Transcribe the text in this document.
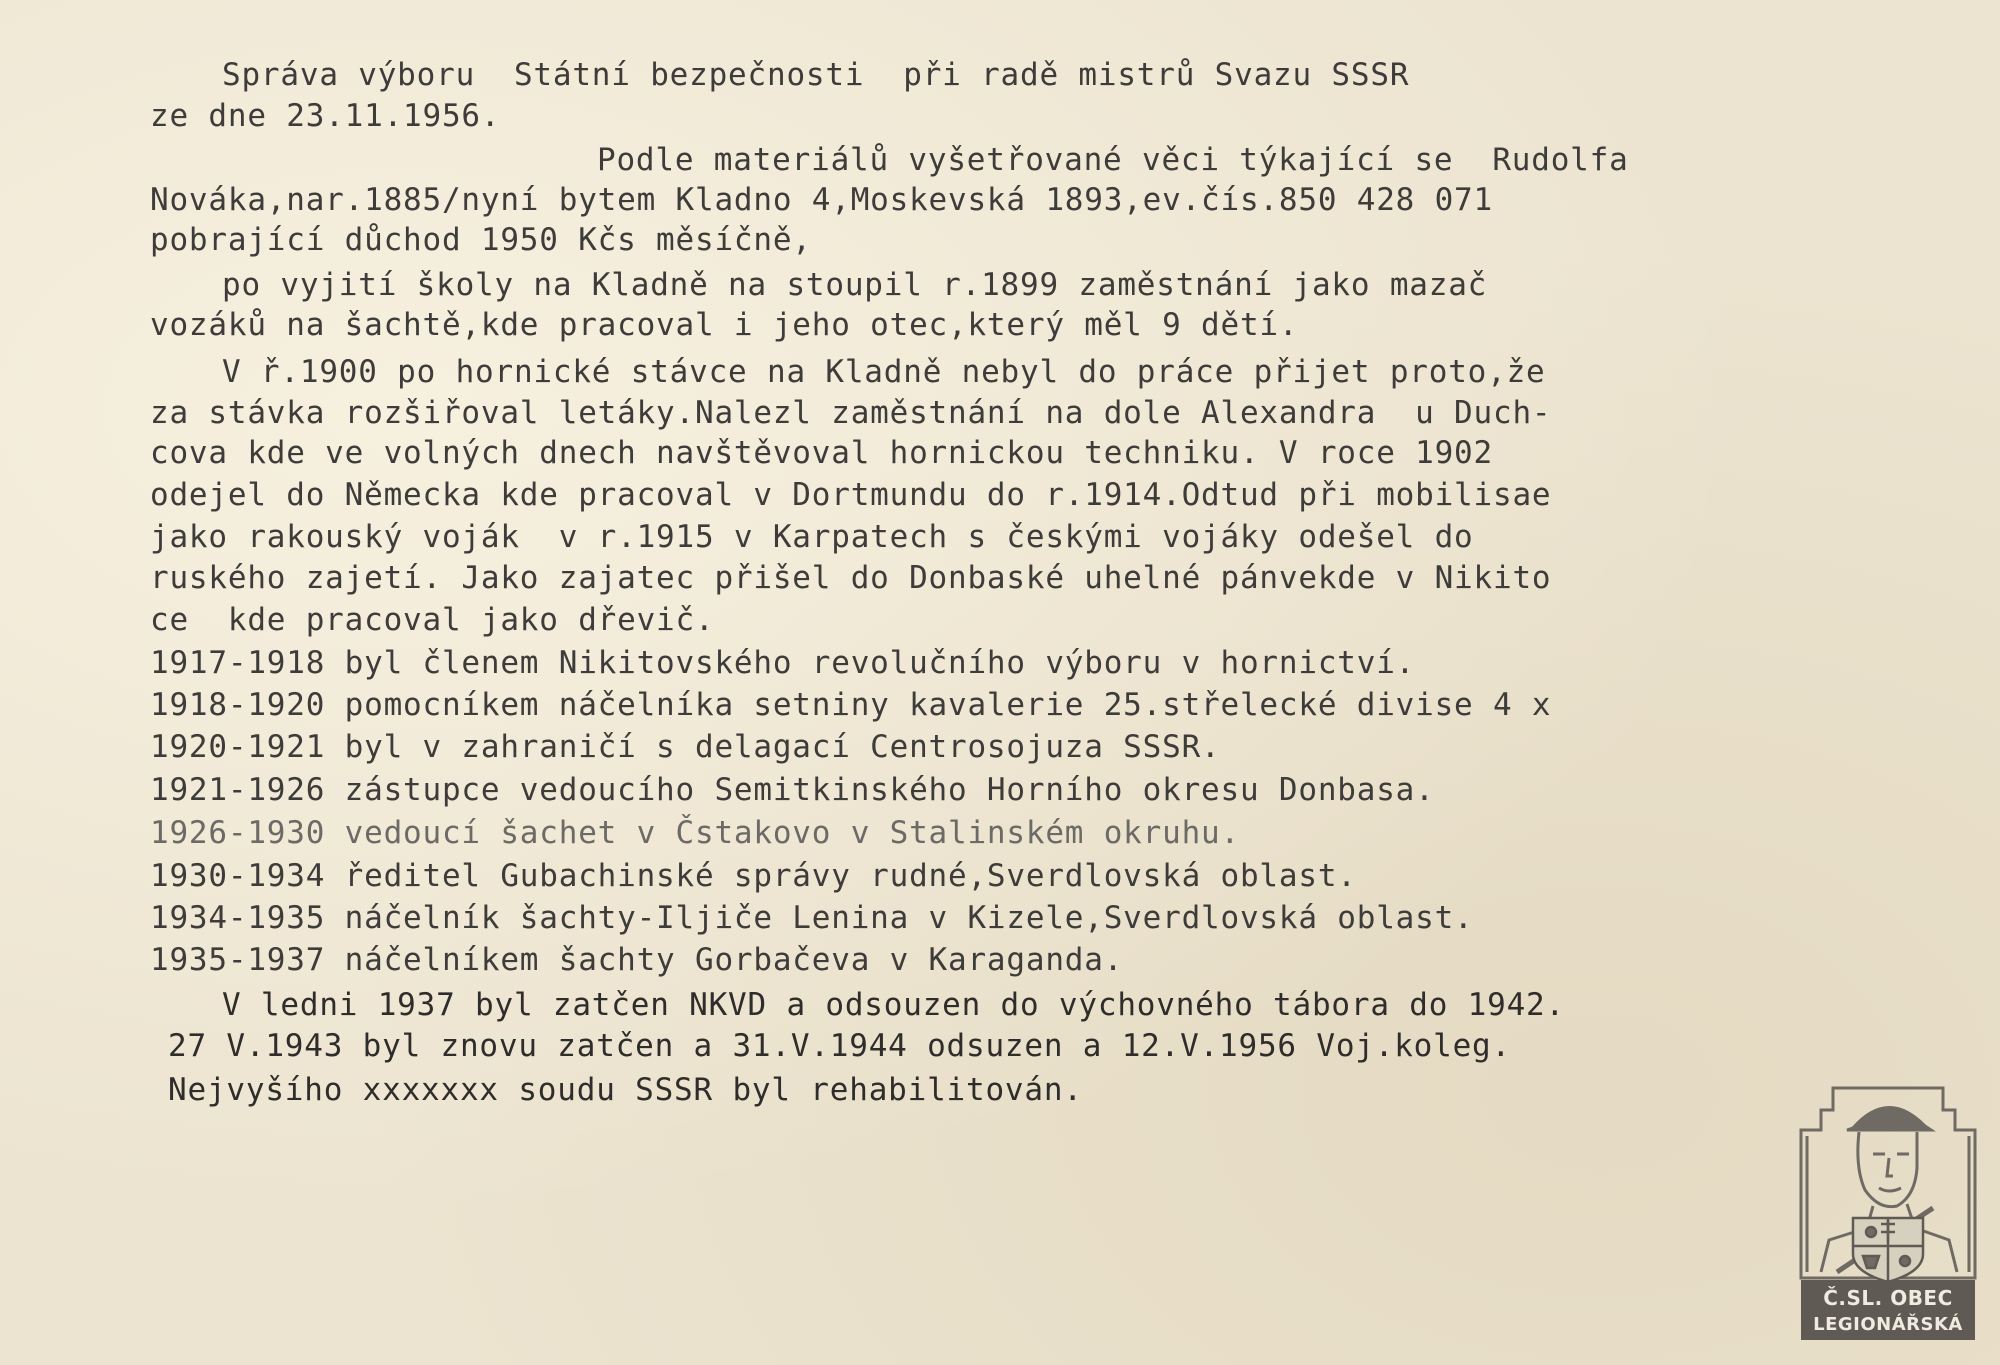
Správa výboru  Státní bezpečnosti  při radě mistrů Svazu SSSR
ze dne 23.11.1956.
Podle materiálů vyšetřované věci týkající se  Rudolfa
Nováka,nar.1885/nyní bytem Kladno 4,Moskevská 1893,ev.čís.850 428 071
pobrající důchod 1950 Kčs měsíčně,
po vyjití školy na Kladně na stoupil r.1899 zaměstnání jako mazač
vozáků na šachtě,kde pracoval i jeho otec,který měl 9 dětí.
V ř.1900 po hornické stávce na Kladně nebyl do práce přijet proto,že
za stávka rozšiřoval letáky.Nalezl zaměstnání na dole Alexandra  u Duch-
cova kde ve volných dnech navštěvoval hornickou techniku. V roce 1902
odejel do Německa kde pracoval v Dortmundu do r.1914.Odtud při mobilisae
jako rakouský voják  v r.1915 v Karpatech s českými vojáky odešel do
ruského zajetí. Jako zajatec přišel do Donbaské uhelné pánvekde v Nikito
ce  kde pracoval jako dřevič.
1917-1918 byl členem Nikitovského revolučního výboru v hornictví.
1918-1920 pomocníkem náčelníka setniny kavalerie 25.střelecké divise 4 x
1920-1921 byl v zahraničí s delagací Centrosojuza SSSR.
1921-1926 zástupce vedoucího Semitkinského Horního okresu Donbasa.
1926-1930 vedoucí šachet v Čstakovo v Stalinském okruhu.
1930-1934 ředitel Gubachinské správy rudné,Sverdlovská oblast.
1934-1935 náčelník šachty-Iljiče Lenina v Kizele,Sverdlovská oblast.
1935-1937 náčelníkem šachty Gorbačeva v Karaganda.
V ledni 1937 byl zatčen NKVD a odsouzen do výchovného tábora do 1942.
27 V.1943 byl znovu zatčen a 31.V.1944 odsuzen a 12.V.1956 Voj.koleg.
Nejvyšího xxxxxxx soudu SSSR byl rehabilitován.
Č.SL. OBEC
LEGIONÁŘSKÁ
